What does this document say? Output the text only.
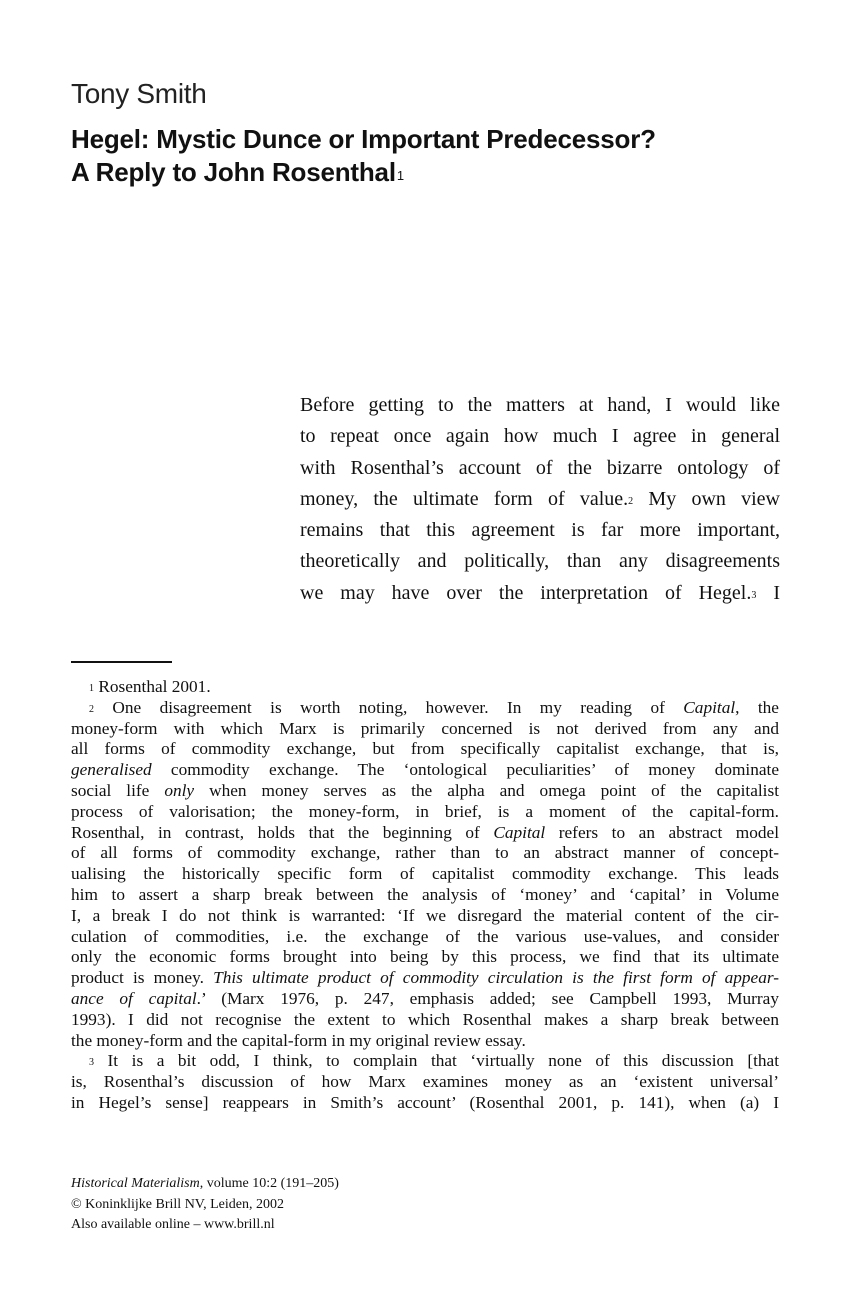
Tony Smith
Hegel: Mystic Dunce or Important Predecessor?
A Reply to John Rosenthal$^1$
Before getting to the matters at hand, I would like
to repeat once again how much I agree in general
with Rosenthal’s account of the bizarre ontology of
money, the ultimate form of value.$^2$ My own view
remains that this agreement is far more important,
theoretically and politically, than any disagreements
we may have over the interpretation of Hegel.$^3$ I
$^1$ Rosenthal 2001.
$^2$ One disagreement is worth noting, however. In my reading of Capital, the
money-form with which Marx is primarily concerned is not derived from any and
all forms of commodity exchange, but from specifically capitalist exchange, that is,
generalised commodity exchange. The ‘ontological peculiarities’ of money dominate
social life only when money serves as the alpha and omega point of the capitalist
process of valorisation; the money-form, in brief, is a moment of the capital-form.
Rosenthal, in contrast, holds that the beginning of Capital refers to an abstract model
of all forms of commodity exchange, rather than to an abstract manner of concept-
ualising the historically specific form of capitalist commodity exchange. This leads
him to assert a sharp break between the analysis of ‘money’ and ‘capital’ in Volume
I, a break I do not think is warranted: ‘If we disregard the material content of the cir-
culation of commodities, i.e. the exchange of the various use-values, and consider
only the economic forms brought into being by this process, we find that its ultimate
product is money. This ultimate product of commodity circulation is the first form of appear-
ance of capital.’ (Marx 1976, p. 247, emphasis added; see Campbell 1993, Murray
1993). I did not recognise the extent to which Rosenthal makes a sharp break between
the money-form and the capital-form in my original review essay.
$^3$ It is a bit odd, I think, to complain that ‘virtually none of this discussion [that
is, Rosenthal’s discussion of how Marx examines money as an ‘existent universal’
in Hegel’s sense] reappears in Smith’s account’ (Rosenthal 2001, p. 141), when (a) I
Historical Materialism, volume 10:2 (191–205)
© Koninklijke Brill NV, Leiden, 2002
Also available online – www.brill.nl
